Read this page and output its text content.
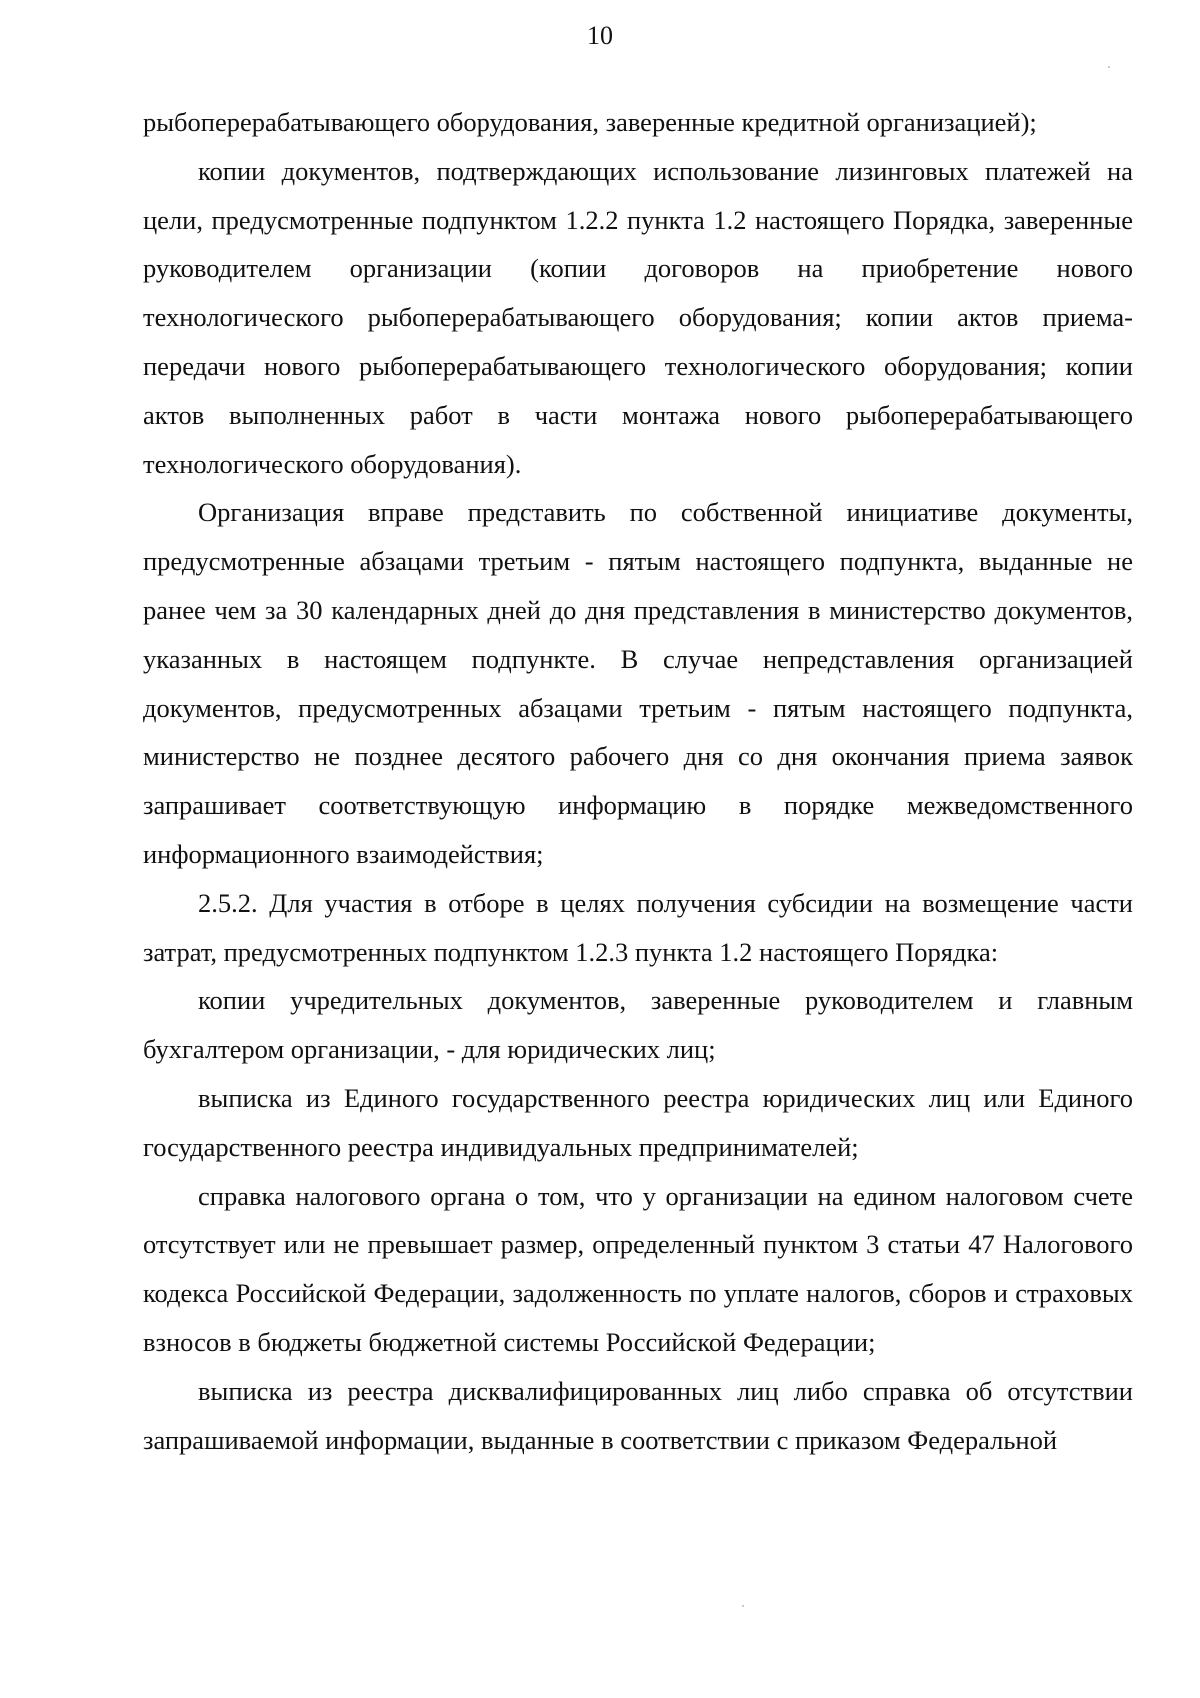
10

рыбоперерабатывающего оборудования, заверенные кредитной организацией);

копии документов, подтверждающих использование лизинговых платежей на цели, предусмотренные подпунктом 1.2.2 пункта 1.2 настоящего Порядка, заверенные руководителем организации (копии договоров на приобретение нового технологического рыбоперерабатывающего оборудования; копии актов приема-передачи нового рыбоперерабатывающего технологического оборудования; копии актов выполненных работ в части монтажа нового рыбоперерабатывающего технологического оборудования).

Организация вправе представить по собственной инициативе документы, предусмотренные абзацами третьим - пятым настоящего подпункта, выданные не ранее чем за 30 календарных дней до дня представления в министерство документов, указанных в настоящем подпункте. В случае непредставления организацией документов, предусмотренных абзацами третьим - пятым настоящего подпункта, министерство не позднее десятого рабочего дня со дня окончания приема заявок запрашивает соответствующую информацию в порядке межведомственного информационного взаимодействия;

2.5.2. Для участия в отборе в целях получения субсидии на возмещение части затрат, предусмотренных подпунктом 1.2.3 пункта 1.2 настоящего Порядка:

копии учредительных документов, заверенные руководителем и главным бухгалтером организации, - для юридических лиц;

выписка из Единого государственного реестра юридических лиц или Единого государственного реестра индивидуальных предпринимателей;

справка налогового органа о том, что у организации на едином налоговом счете отсутствует или не превышает размер, определенный пунктом 3 статьи 47 Налогового кодекса Российской Федерации, задолженность по уплате налогов, сборов и страховых взносов в бюджеты бюджетной системы Российской Федерации;

выписка из реестра дисквалифицированных лиц либо справка об отсутствии запрашиваемой информации, выданные в соответствии с приказом Федеральной
